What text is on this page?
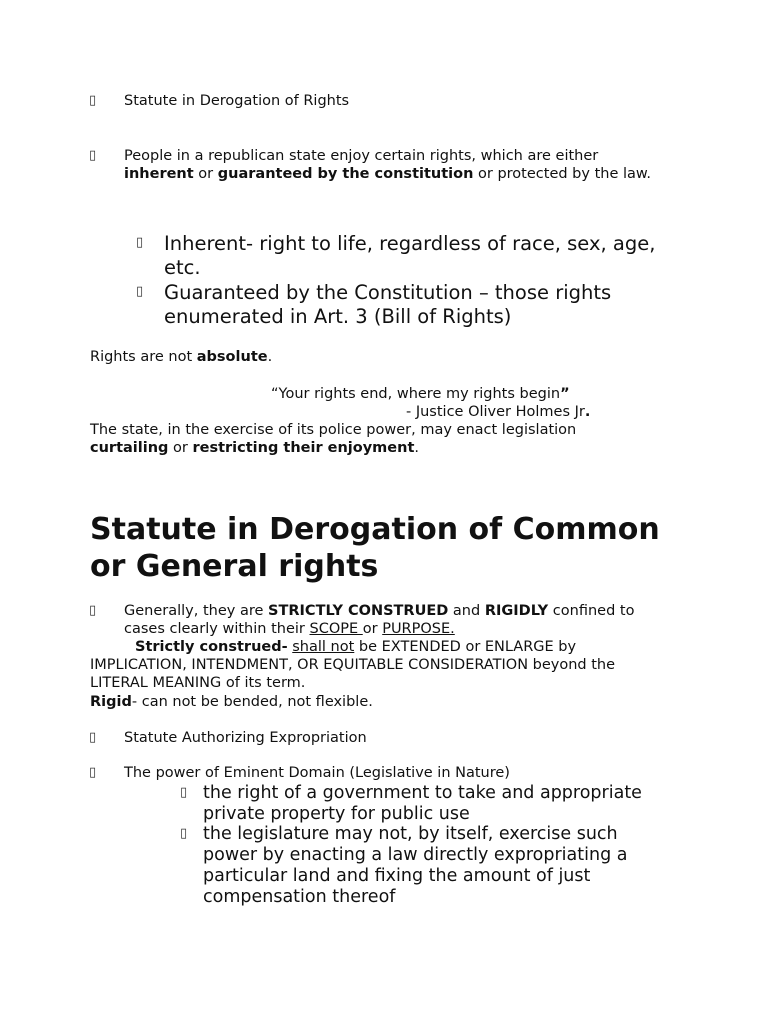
▯ Statute in Derogation of Rights
▯ People in a republican state enjoy certain rights, which are either
inherent or guaranteed by the constitution or protected by the law.
▯ Inherent- right to life, regardless of race, sex, age, etc.
▯ Guaranteed by the Constitution – those rights enumerated in Art. 3 (Bill of Rights)
Rights are not absolute.
“Your rights end, where my rights begin”
- Justice Oliver Holmes Jr.
The state, in the exercise of its police power, may enact legislation
curtailing or restricting their enjoyment.
Statute in Derogation of Common
or General rights
▯ Generally, they are STRICTLY CONSTRUED and RIGIDLY confined to
cases clearly within their SCOPE or PURPOSE.
Strictly construed- shall not be EXTENDED or ENLARGE by
IMPLICATION, INTENDMENT, OR EQUITABLE CONSIDERATION beyond the
LITERAL MEANING of its term.
Rigid- can not be bended, not flexible.
▯ Statute Authorizing Expropriation
▯ The power of Eminent Domain (Legislative in Nature)
▯ the right of a government to take and appropriate private property for public use
▯ the legislature may not, by itself, exercise such power by enacting a law directly expropriating a particular land and fixing the amount of just compensation thereof
